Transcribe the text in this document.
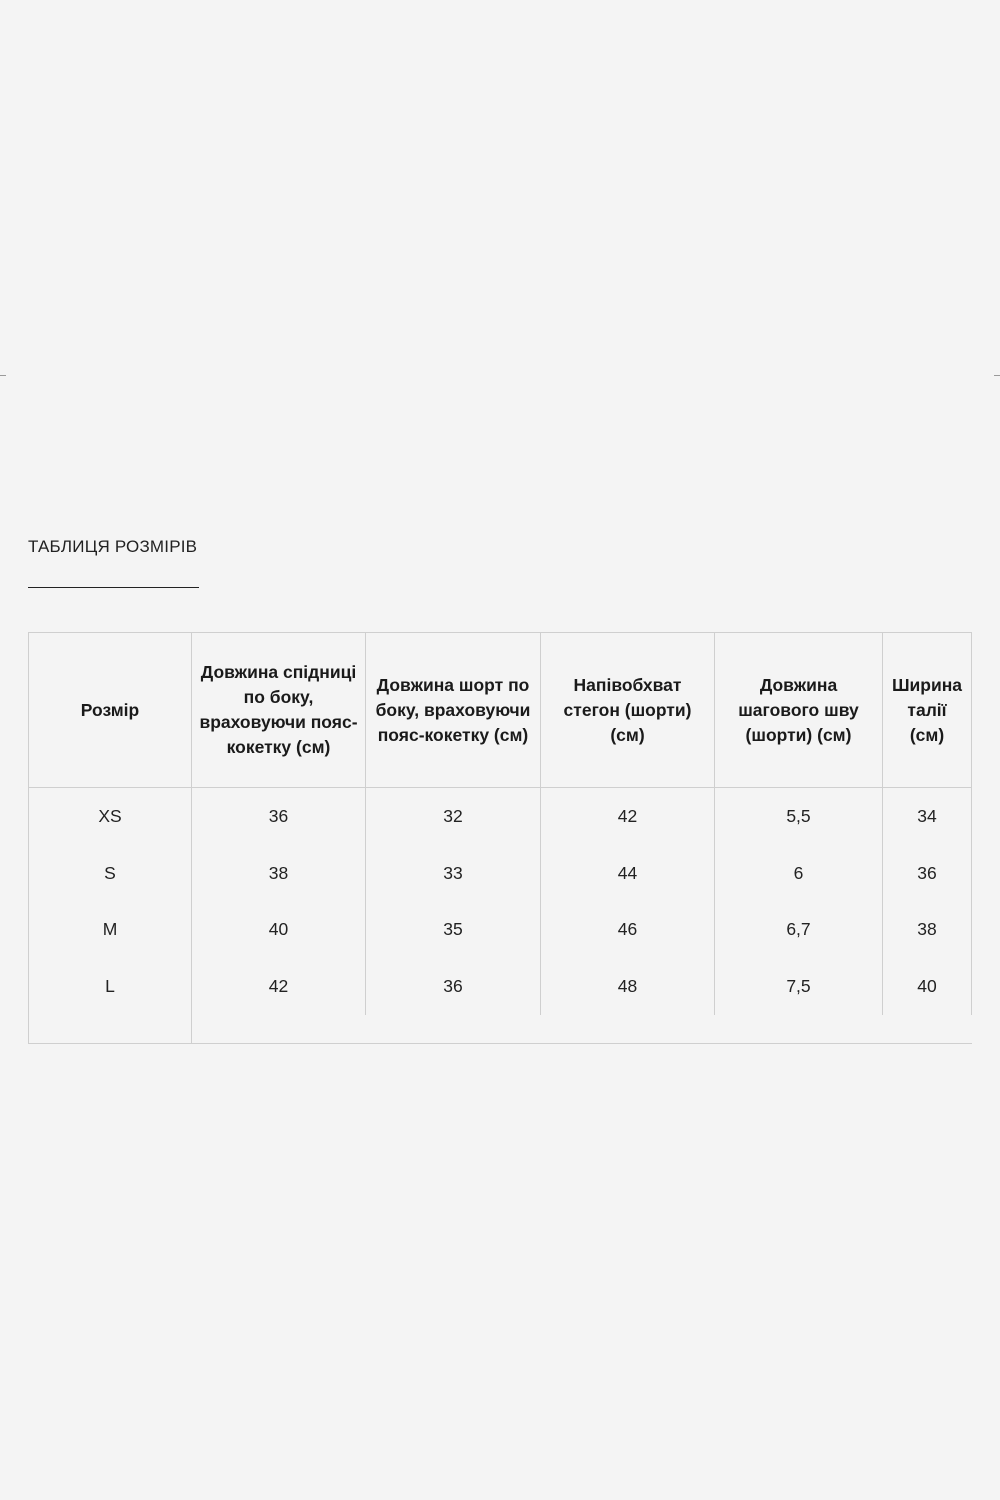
ТАБЛИЦЯ РОЗМІРІВ
Розмір	Довжина спідниці по боку, враховуючи пояс-кокетку (см)	Довжина шорт по боку, враховуючи пояс-кокетку (см)	Напівобхват стегон (шорти) (см)	Довжина шагового шву (шорти) (см)	Ширина талії (см)
XS	36	32	42	5,5	34
S	38	33	44	6	36
M	40	35	46	6,7	38
L	42	36	48	7,5	40
